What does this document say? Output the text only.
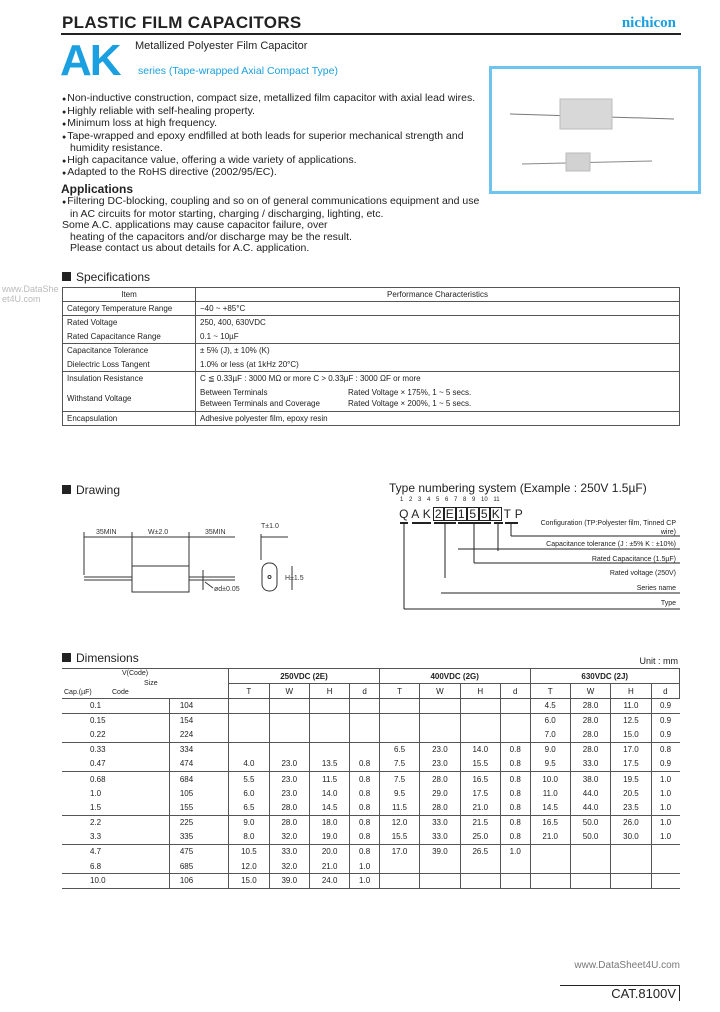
PLASTIC FILM CAPACITORS	nichicon
AK Metallized Polyester Film Capacitor
series (Tape-wrapped Axial Compact Type)
● Non-inductive construction, compact size, metallized film capacitor with axial lead wires.
● Highly reliable with self-healing property.
● Minimum loss at high frequency.
● Tape-wrapped and epoxy endfilled at both leads for superior mechanical strength and humidity resistance.
● High capacitance value, offering a wide variety of applications.
● Adapted to the RoHS directive (2002/95/EC).
Applications
● Filtering DC-blocking, coupling and so on of general communications equipment and use in AC circuits for motor starting, charging / discharging, lighting, etc.
Some A.C. applications may cause capacitor failure, over heating of the capacitors and/or discharge may be the result. Please contact us about details for A.C. application.
Specifications
Item	Performance Characteristics
Category Temperature Range	−40 ~ +85°C
Rated Voltage	250, 400, 630VDC
Rated Capacitance Range	0.1 ~ 10µF
Capacitance Tolerance	± 5% (J), ± 10% (K)
Dielectric Loss Tangent	1.0% or less (at 1kHz 20°C)
Insulation Resistance	C ≦ 0.33µF : 3000 MΩ or more C > 0.33µF : 3000 ΩF or more
Withstand Voltage	Between Terminals Rated Voltage × 175%, 1 ~ 5 secs.
Between Terminals and Coverage Rated Voltage × 200%, 1 ~ 5 secs.
Encapsulation	Adhesive polyester film, epoxy resin
www.DataSheet4U.com
Drawing
35MIN	W±2.0	35MIN
T±1.0
H±1.5
ød±0.05
Type numbering system (Example : 250V 1.5µF)
1 2 3 4 5 6 7 8 9 10 11
Q A K 2 E 1 5 5 K T P
Configuration (TP:Polyester film, Tinned CP wire)
Capacitance tolerance (J : ±5% K : ±10%)
Rated Capacitance (1.5µF)
Rated voltage (250V)
Series name
Type
Dimensions	Unit : mm
V(Code)
Size
Cap.(µF) Code		250VDC (2E)				400VDC (2G)				630VDC (2J)			
		T	W	H	d	T	W	H	d	T	W	H	d
0.1	104									4.5	28.0	11.0	0.9
0.15	154									6.0	28.0	12.5	0.9
0.22	224									7.0	28.0	15.0	0.9
0.33	334					6.5	23.0	14.0	0.8	9.0	28.0	17.0	0.8
0.47	474	4.0	23.0	13.5	0.8	7.5	23.0	15.5	0.8	9.5	33.0	17.5	0.9
0.68	684	5.5	23.0	11.5	0.8	7.5	28.0	16.5	0.8	10.0	38.0	19.5	1.0
1.0	105	6.0	23.0	14.0	0.8	9.5	29.0	17.5	0.8	11.0	44.0	20.5	1.0
1.5	155	6.5	28.0	14.5	0.8	11.5	28.0	21.0	0.8	14.5	44.0	23.5	1.0
2.2	225	9.0	28.0	18.0	0.8	12.0	33.0	21.5	0.8	16.5	50.0	26.0	1.0
3.3	335	8.0	32.0	19.0	0.8	15.5	33.0	25.0	0.8	21.0	50.0	30.0	1.0
4.7	475	10.5	33.0	20.0	0.8	17.0	39.0	26.5	1.0				
6.8	685	12.0	32.0	21.0	1.0								
10.0	106	15.0	39.0	24.0	1.0								
www.DataSheet4U.com
CAT.8100V
